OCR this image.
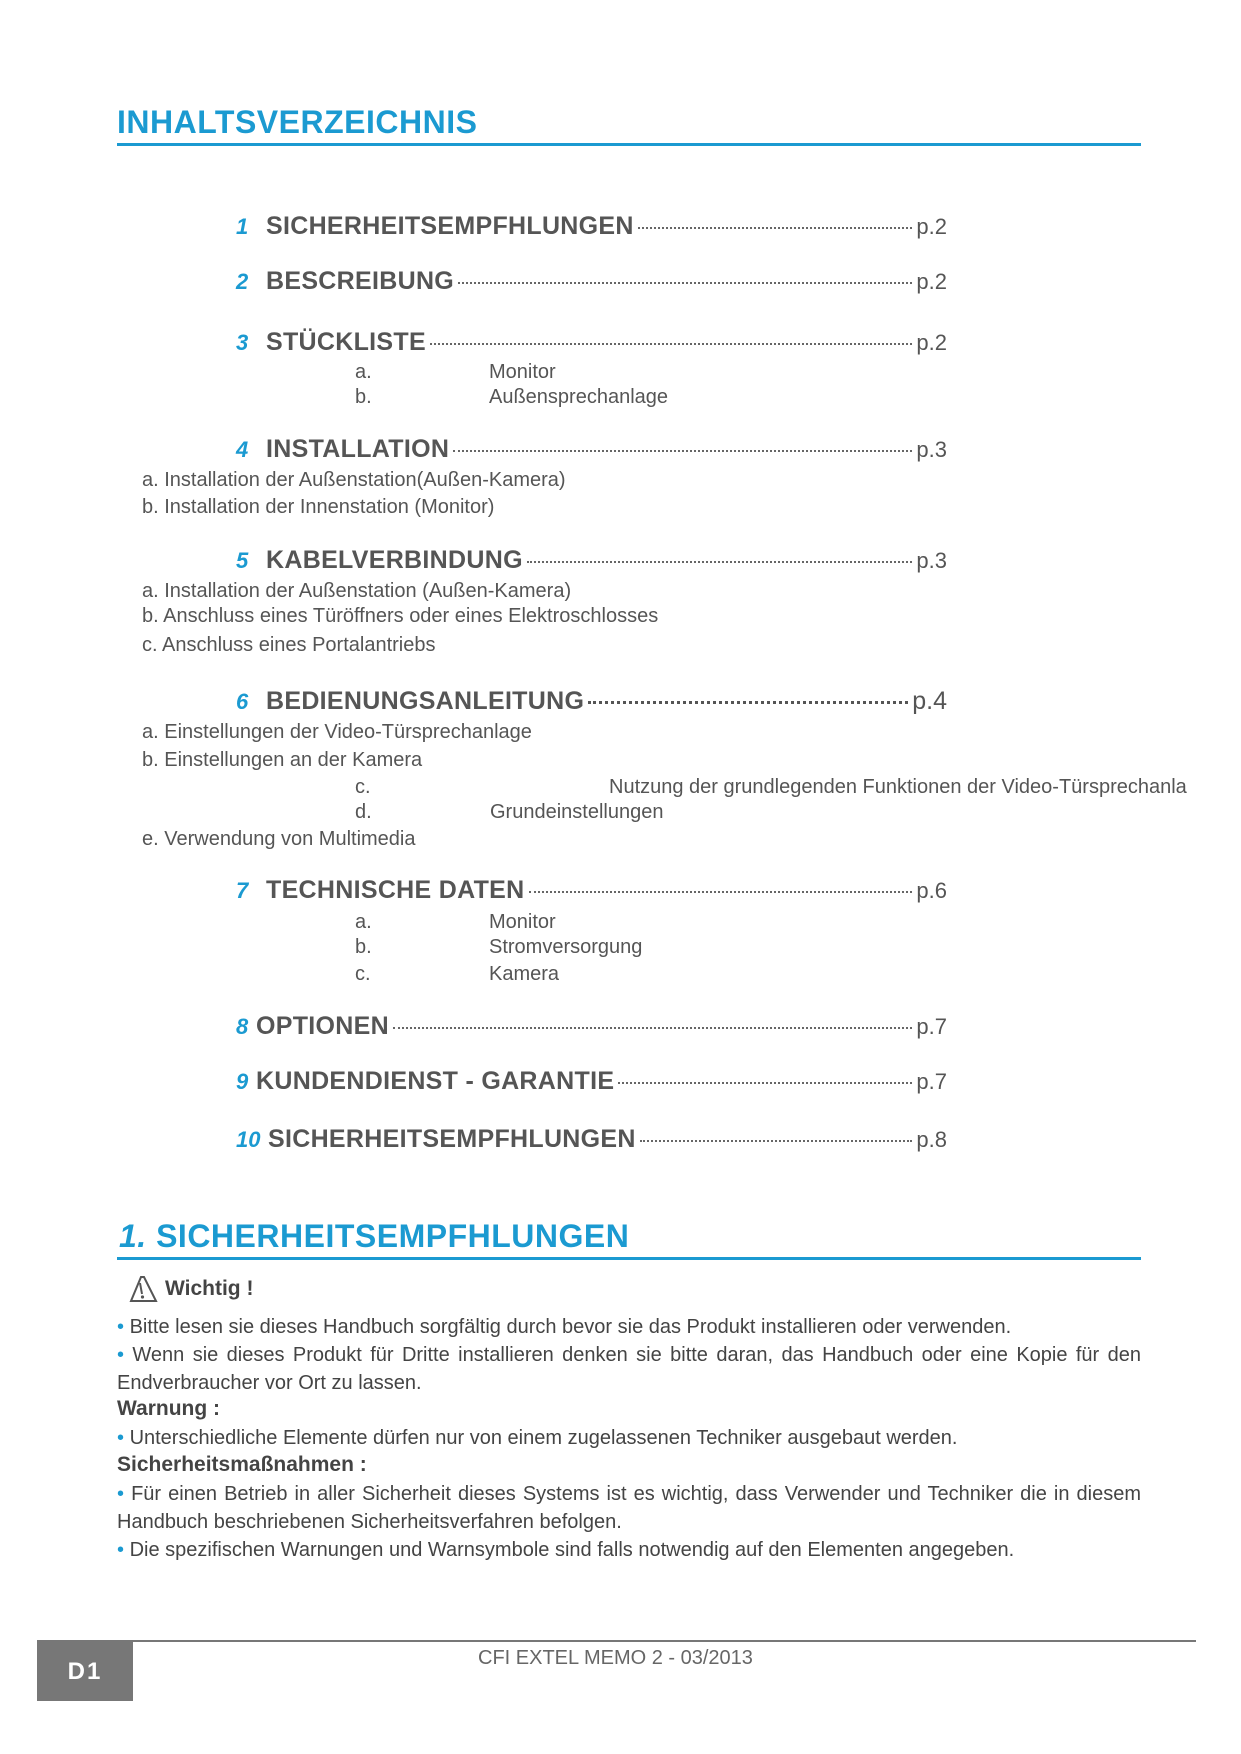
INHALTSVERZEICHNIS
1 SICHERHEITSEMPFHLUNGEN	p.2
2 BESCREIBUNG	p.2
3 STÜCKLISTE	p.2
a.	Monitor
b.	Außensprechanlage
4 INSTALLATION	p.3
a. Installation der Außenstation(Außen-Kamera)
b. Installation der Innenstation (Monitor)
5 KABELVERBINDUNG	p.3
a. Installation der Außenstation (Außen-Kamera)
b. Anschluss eines Türöffners oder eines Elektroschlosses
c. Anschluss eines Portalantriebs
6 BEDIENUNGSANLEITUNG	p.4
a. Einstellungen der Video-Türsprechanlage
b. Einstellungen an der Kamera
c.	Nutzung der grundlegenden Funktionen der Video-Türsprechanla
d.	Grundeinstellungen
e. Verwendung von Multimedia
7 TECHNISCHE DATEN	p.6
a.	Monitor
b.	Stromversorgung
c.	Kamera
8 OPTIONEN	p.7
9 KUNDENDIENST - GARANTIE	p.7
10 SICHERHEITSEMPFHLUNGEN	p.8
1. SICHERHEITSEMPFHLUNGEN
Wichtig !
• Bitte lesen sie dieses Handbuch sorgfältig durch bevor sie das Produkt installieren oder verwenden.
• Wenn sie dieses Produkt für Dritte installieren denken sie bitte daran, das Handbuch oder eine Kopie für den Endverbraucher vor Ort zu lassen.
Warnung :
• Unterschiedliche Elemente dürfen nur von einem zugelassenen Techniker ausgebaut werden.
Sicherheitsmaßnahmen :
• Für einen Betrieb in aller Sicherheit dieses Systems ist es wichtig, dass Verwender und Techniker die in diesem Handbuch beschriebenen Sicherheitsverfahren befolgen.
• Die spezifischen Warnungen und Warnsymbole sind falls notwendig auf den Elementen angegeben.
D1	CFI EXTEL MEMO 2 - 03/2013
